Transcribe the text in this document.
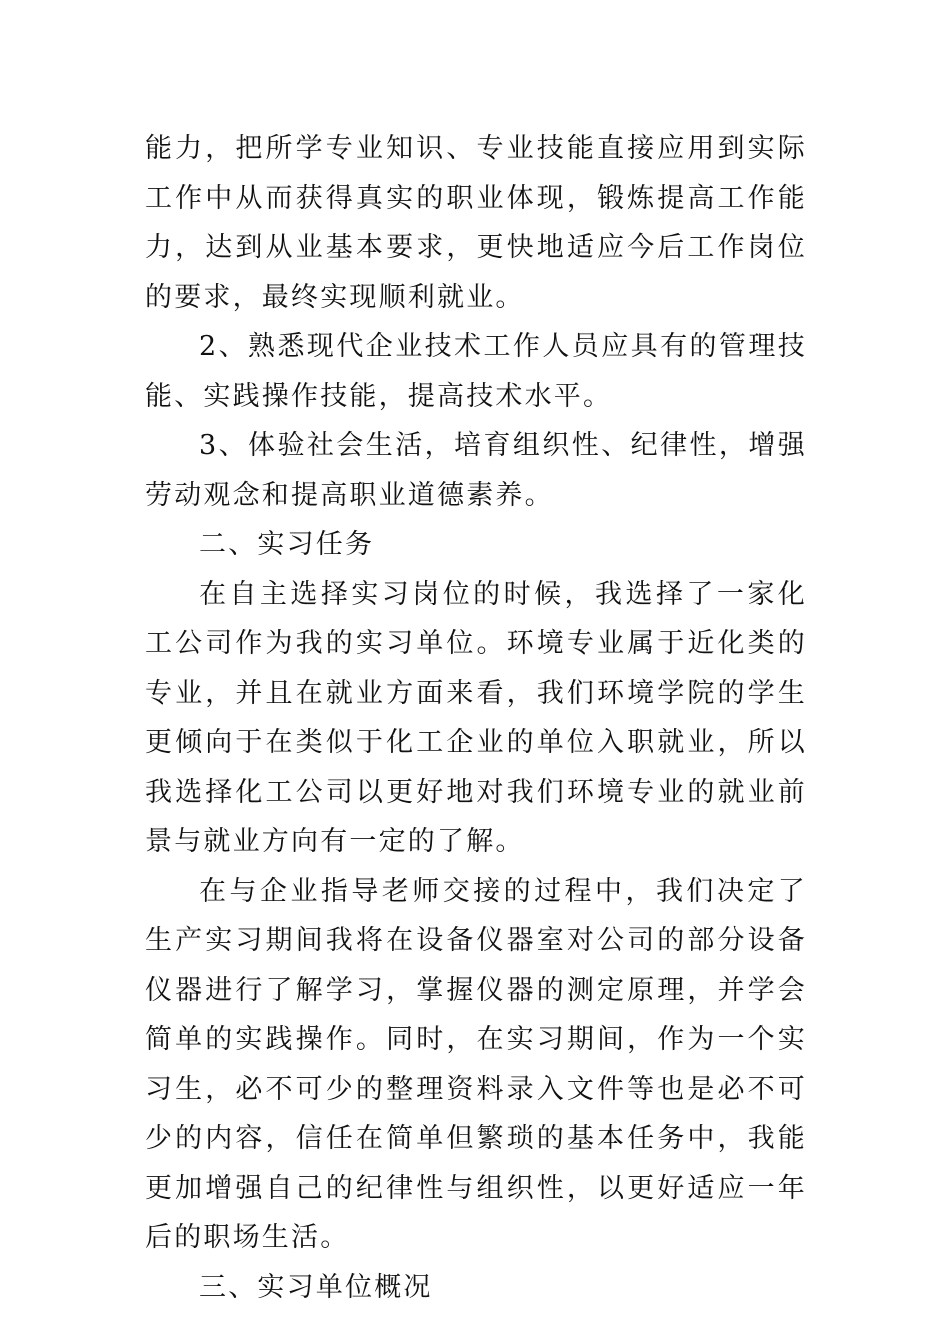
能力，把所学专业知识、专业技能直接应用到实际工作中从而获得真实的职业体现，锻炼提高工作能力，达到从业基本要求，更快地适应今后工作岗位的要求，最终实现顺利就业。

2、熟悉现代企业技术工作人员应具有的管理技能、实践操作技能，提高技术水平。

3、体验社会生活，培育组织性、纪律性，增强劳动观念和提高职业道德素养。

二、实习任务

在自主选择实习岗位的时候，我选择了一家化工公司作为我的实习单位。环境专业属于近化类的专业，并且在就业方面来看，我们环境学院的学生更倾向于在类似于化工企业的单位入职就业，所以我选择化工公司以更好地对我们环境专业的就业前景与就业方向有一定的了解。

在与企业指导老师交接的过程中，我们决定了生产实习期间我将在设备仪器室对公司的部分设备仪器进行了解学习，掌握仪器的测定原理，并学会简单的实践操作。同时，在实习期间，作为一个实习生，必不可少的整理资料录入文件等也是必不可少的内容，信任在简单但繁琐的基本任务中，我能更加增强自己的纪律性与组织性，以更好适应一年后的职场生活。

三、实习单位概况
